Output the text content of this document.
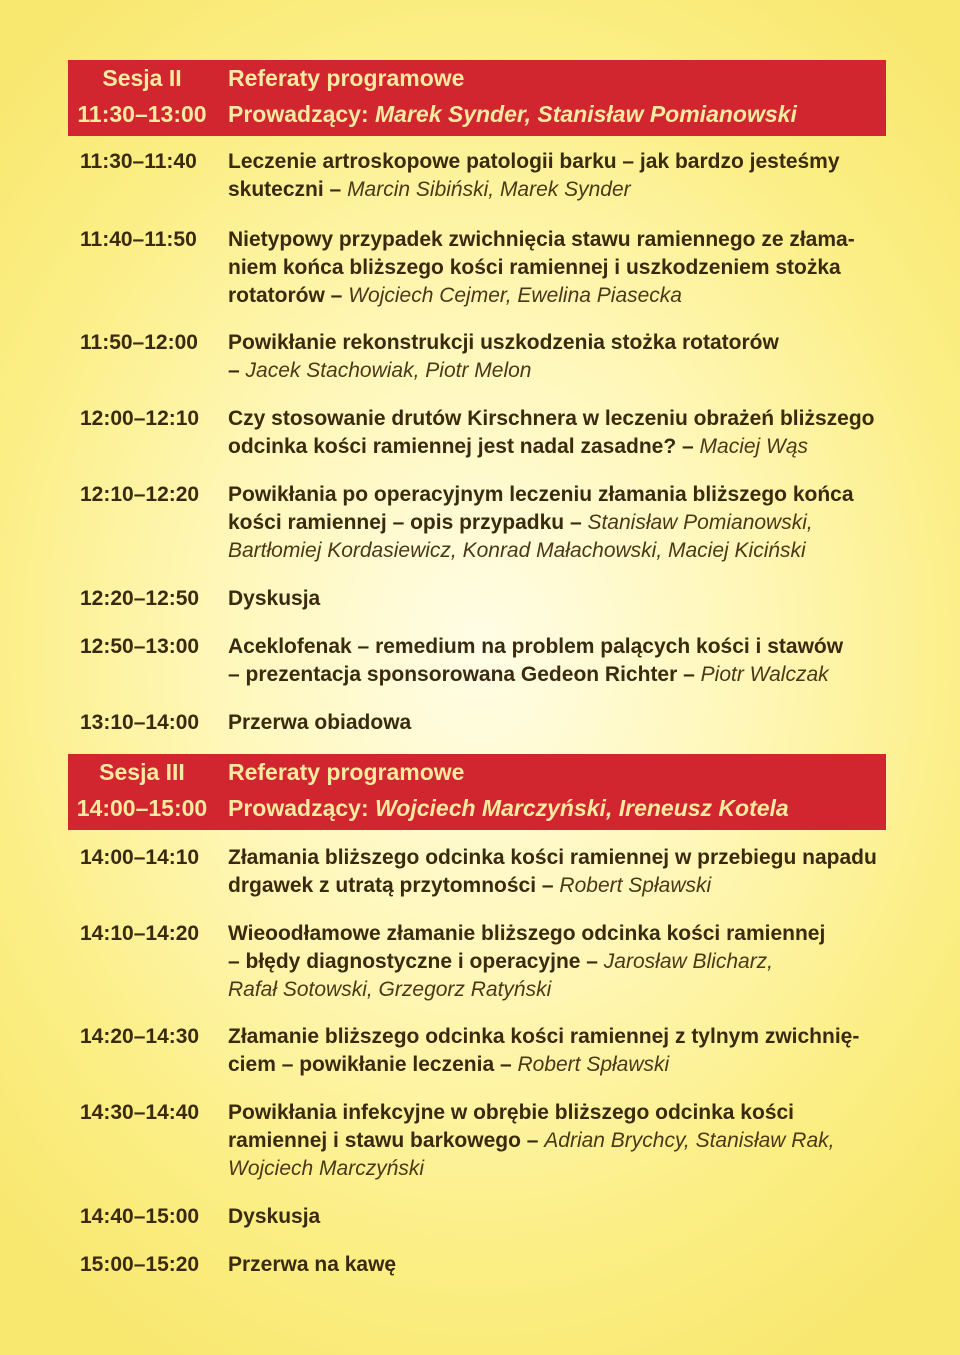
Sesja II	Referaty programowe
11:30–13:00 Prowadzący: Marek Synder, Stanisław Pomianowski
11:30–11:40	Leczenie artroskopowe patologii barku – jak bardzo jesteśmy
skuteczni – Marcin Sibiński, Marek Synder
11:40–11:50	Nietypowy przypadek zwichnięcia stawu ramiennego ze złama-
niem końca bliższego kości ramiennej i uszkodzeniem stożka
rotatorów – Wojciech Cejmer, Ewelina Piasecka
11:50–12:00	Powikłanie rekonstrukcji uszkodzenia stożka rotatorów
– Jacek Stachowiak, Piotr Melon
12:00–12:10	Czy stosowanie drutów Kirschnera w leczeniu obrażeń bliższego
odcinka kości ramiennej jest nadal zasadne? – Maciej Wąs
12:10–12:20	Powikłania po operacyjnym leczeniu złamania bliższego końca
kości ramiennej – opis przypadku – Stanisław Pomianowski,
Bartłomiej Kordasiewicz, Konrad Małachowski, Maciej Kiciński
12:20–12:50	Dyskusja
12:50–13:00	Aceklofenak – remedium na problem palących kości i stawów
– prezentacja sponsorowana Gedeon Richter – Piotr Walczak
13:10–14:00	Przerwa obiadowa
Sesja III	Referaty programowe
14:00–15:00 Prowadzący: Wojciech Marczyński, Ireneusz Kotela
14:00–14:10	Złamania bliższego odcinka kości ramiennej w przebiegu napadu
drgawek z utratą przytomności – Robert Spławski
14:10–14:20	Wieoodłamowe złamanie bliższego odcinka kości ramiennej
– błędy diagnostyczne i operacyjne – Jarosław Blicharz,
Rafał Sotowski, Grzegorz Ratyński
14:20–14:30	Złamanie bliższego odcinka kości ramiennej z tylnym zwichnię-
ciem – powikłanie leczenia – Robert Spławski
14:30–14:40	Powikłania infekcyjne w obrębie bliższego odcinka kości
ramiennej i stawu barkowego – Adrian Brychcy, Stanisław Rak,
Wojciech Marczyński
14:40–15:00	Dyskusja
15:00–15:20	Przerwa na kawę
